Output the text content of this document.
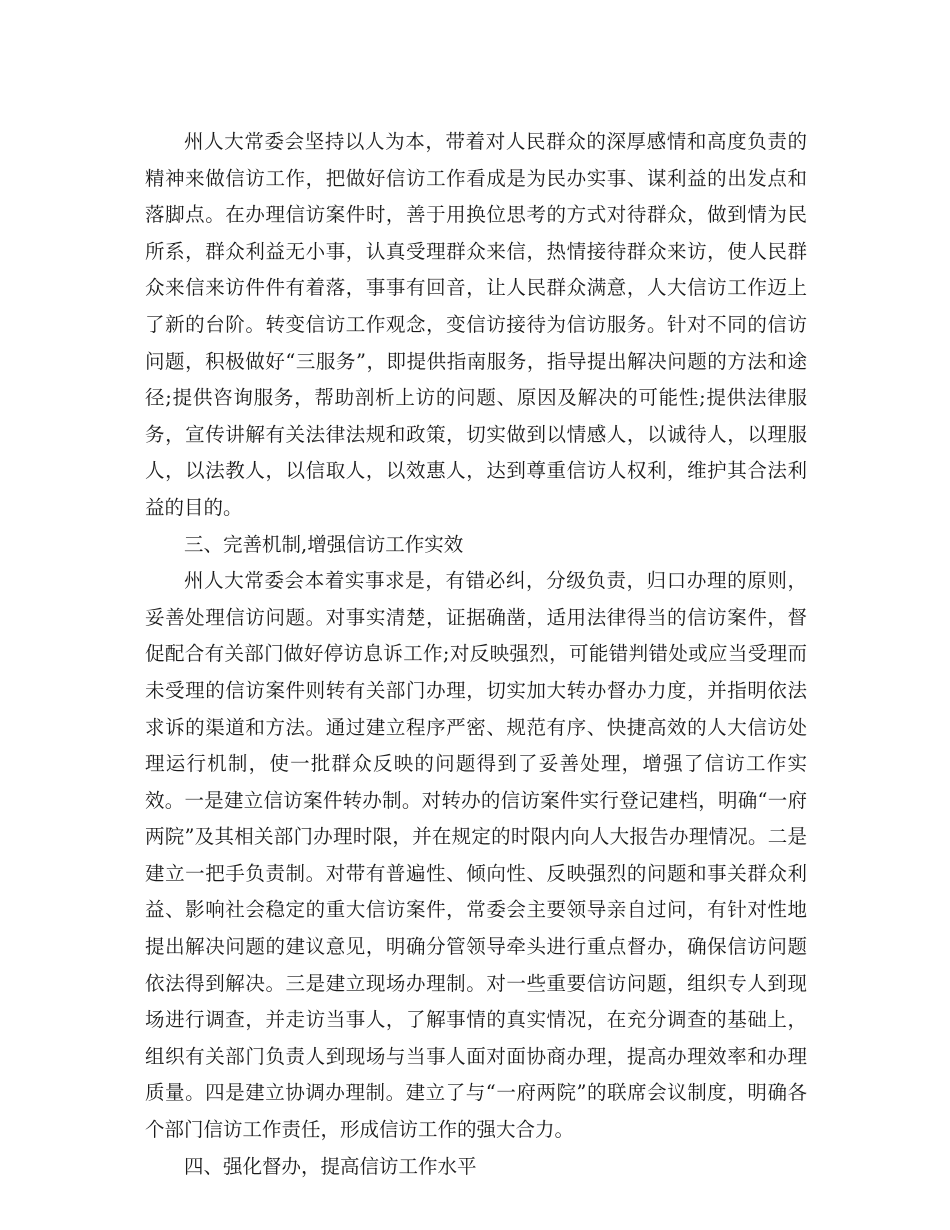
州人大常委会坚持以人为本，带着对人民群众的深厚感情和高度负责的精神来做信访工作，把做好信访工作看成是为民办实事、谋利益的出发点和落脚点。在办理信访案件时，善于用换位思考的方式对待群众，做到情为民所系，群众利益无小事，认真受理群众来信，热情接待群众来访，使人民群众来信来访件件有着落，事事有回音，让人民群众满意，人大信访工作迈上了新的台阶。转变信访工作观念，变信访接待为信访服务。针对不同的信访问题，积极做好“三服务”，即提供指南服务，指导提出解决问题的方法和途径;提供咨询服务，帮助剖析上访的问题、原因及解决的可能性;提供法律服务，宣传讲解有关法律法规和政策，切实做到以情感人，以诚待人，以理服人，以法教人，以信取人，以效惠人，达到尊重信访人权利，维护其合法利益的目的。

三、完善机制,增强信访工作实效

州人大常委会本着实事求是，有错必纠，分级负责，归口办理的原则，妥善处理信访问题。对事实清楚，证据确凿，适用法律得当的信访案件，督促配合有关部门做好停访息诉工作;对反映强烈，可能错判错处或应当受理而未受理的信访案件则转有关部门办理，切实加大转办督办力度，并指明依法求诉的渠道和方法。通过建立程序严密、规范有序、快捷高效的人大信访处理运行机制，使一批群众反映的问题得到了妥善处理，增强了信访工作实效。一是建立信访案件转办制。对转办的信访案件实行登记建档，明确“一府两院”及其相关部门办理时限，并在规定的时限内向人大报告办理情况。二是建立一把手负责制。对带有普遍性、倾向性、反映强烈的问题和事关群众利益、影响社会稳定的重大信访案件，常委会主要领导亲自过问，有针对性地提出解决问题的建议意见，明确分管领导牵头进行重点督办，确保信访问题依法得到解决。三是建立现场办理制。对一些重要信访问题，组织专人到现场进行调查，并走访当事人，了解事情的真实情况，在充分调查的基础上，组织有关部门负责人到现场与当事人面对面协商办理，提高办理效率和办理质量。四是建立协调办理制。建立了与“一府两院”的联席会议制度，明确各个部门信访工作责任，形成信访工作的强大合力。

四、强化督办，提高信访工作水平
